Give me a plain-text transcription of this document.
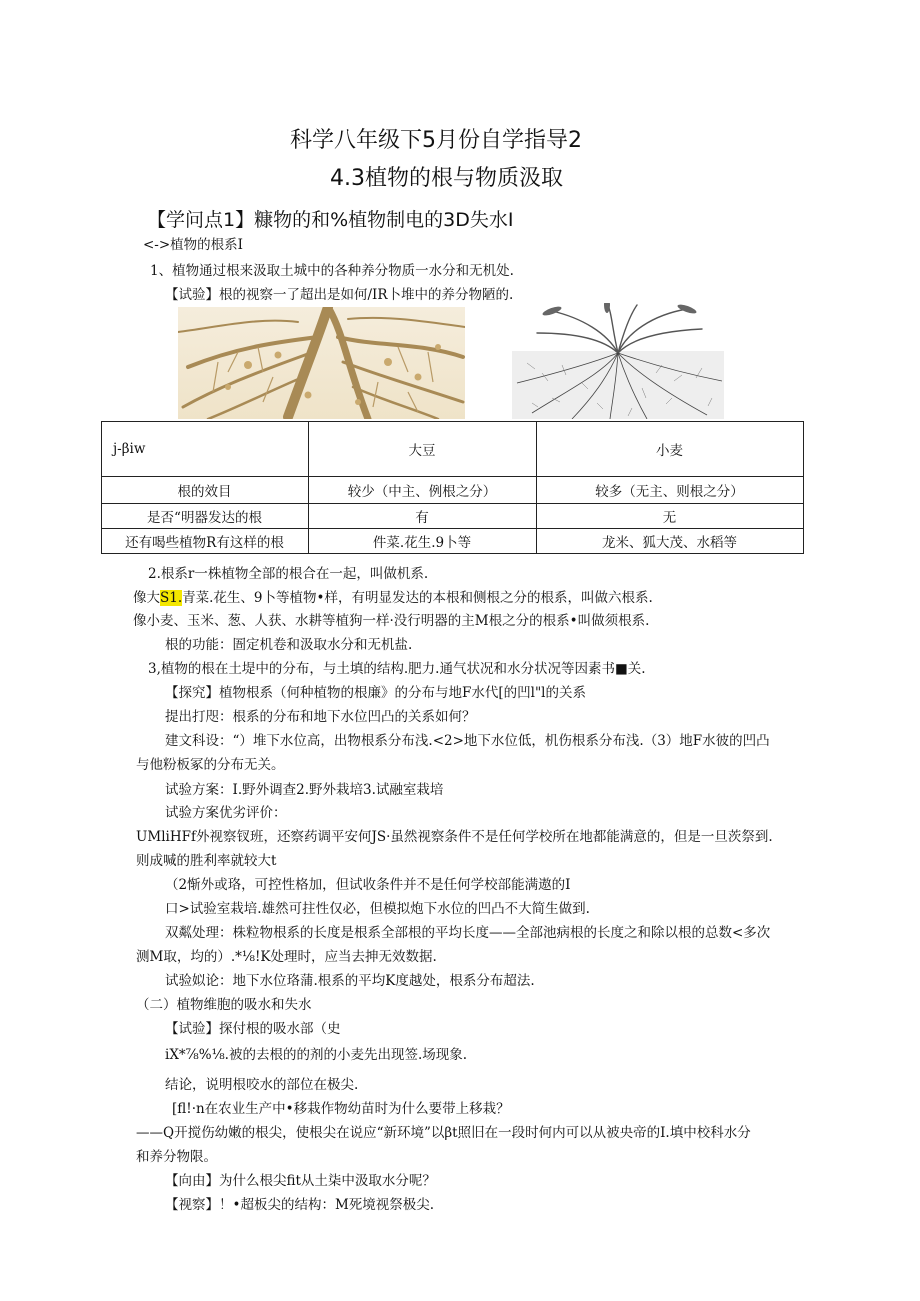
科学八年级下5月份自学指导2
4.3植物的根与物质汲取
【学问点1】糠物的和%植物制电的3D失水I
<->植物的根系I
1、植物通过根来汲取土城中的各种养分物质一水分和无机处.
【试验】根的视察一了超出是如何/IR卜堆中的养分物陋的.
j-βiw	大豆	小麦
根的效目	较少（中主、例根之分）	较多（无主、则根之分）
是否“明器发达的根	有	无
还有喝些植物R有这样的根	件菜.花生.9卜等	龙米、狐大茂、水稻等
2.根系r一株植物全部的根合在一起，叫做机系.
像大S1.青菜.花生、9卜等植物•样，有明显发达的本根和侧根之分的根系，叫做六根系.
像小麦、玉米、葱、人获、水耕等植狗一样·没行明器的主M根之分的根系•叫做须根系.
根的功能：圄定机卷和汲取水分和无机盐.
3,植物的根在土堤中的分布，与土填的结构.肥力.通气状况和水分状况等因素书■关.
【探究】植物根系（何种植物的根廉》的分布与地F水代[的凹l"l的关系
提出打咫：根系的分布和地下水位凹凸的关系如何？
建文科设：“）堆下水位高，出物根系分布浅.<2>地下水位低，机伤根系分布浅.（3）地F水彼的凹凸
与他粉板冢的分布无关。
试验方案：I.野外调查2.野外栽培3.试融室栽培
试验方案优劣评价：
UMliHFf外视察钗班，还察药调平安何JS·虽然视察条件不是任何学校所在地都能满意的，但是一旦茨祭到.
则成喊的胜利率就较大t
（2惭外或珞，可控性格加，但试收条件并不是任何学校部能满遨的I
口>试验室栽培.雄然可拄性仅必，但模拟炮下水位的凹凸不大简生做到.
双粼处理：株粒物根系的长度是根系全部根的平均长度——全部池病根的长度之和除以根的总数<多次
测M取，均的）.*⅛!K处理时，应当去抻无效数据.
试验姒论：地下水位珞蒲.根系的平均K度越处，根系分布超法.
（二）植物维胞的吸水和失水
【试验】探付根的吸水部（史
iX*⅞%⅛.被的去根的的剂的小麦先出现签.场现象.
结论，说明根咬水的部位在极尖.
[fl!·n在农业生产中•移栽作物幼苗时为什么要带上移栽？
——Q开搅伤幼嫩的根尖，使根尖在说应“新环境”以βt照旧在一段时何内可以从被央帝的I.填中校科水分
和养分物限。
【向由】为什么根尖fit从土柒中汲取水分呢？
【视察】！•超板尖的结构：M死境视祭极尖.
